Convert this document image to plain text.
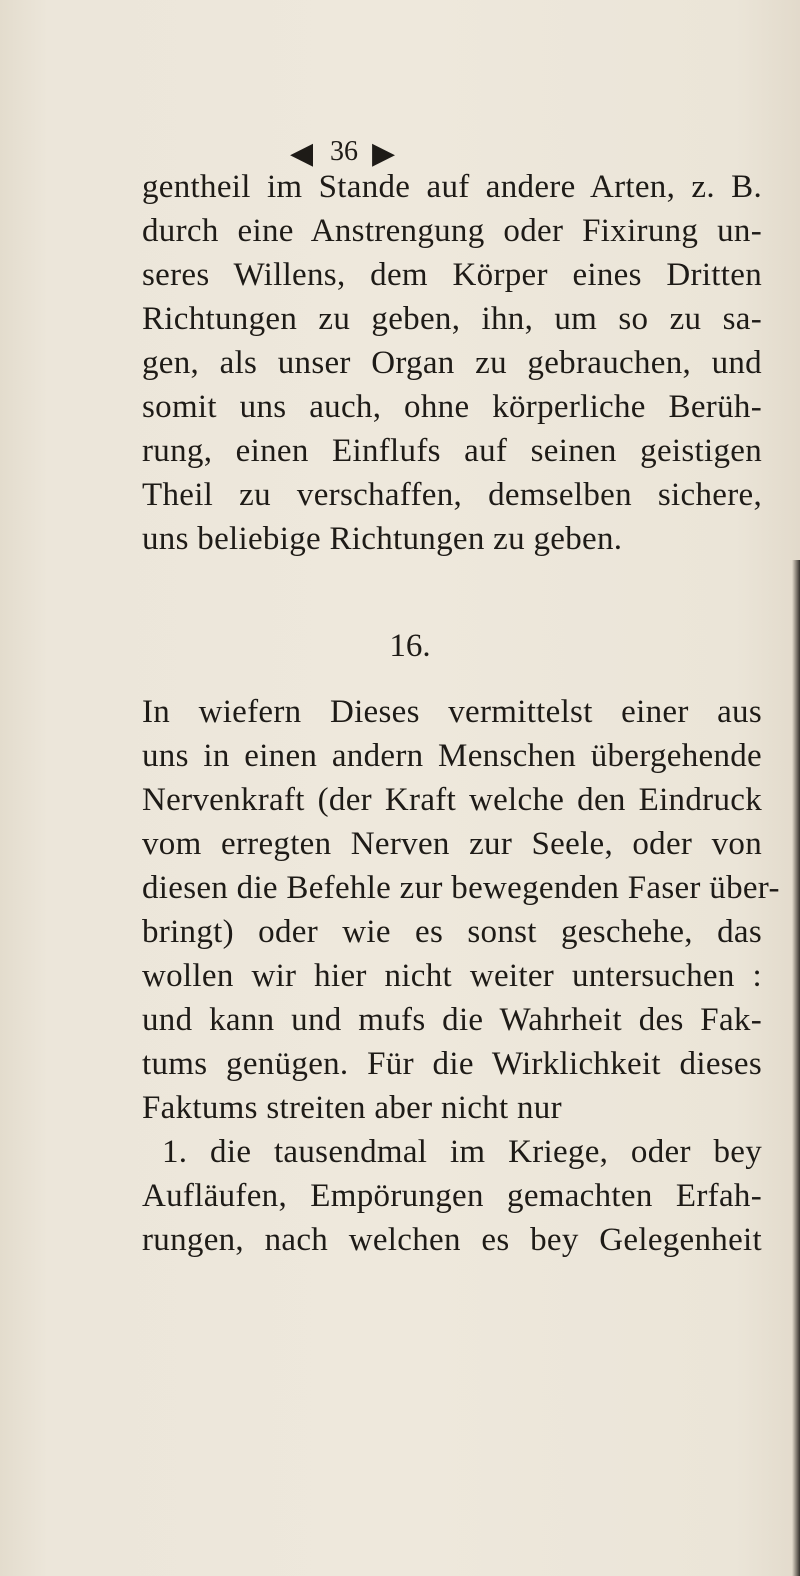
◀ 36 ▶
gentheil im Stande auf andere Arten, z. B.
durch eine Anstrengung oder Fixirung un-
seres Willens, dem Körper eines Dritten
Richtungen zu geben, ihn, um so zu sa-
gen, als unser Organ zu gebrauchen, und
somit uns auch, ohne körperliche Berüh-
rung, einen Einflufs auf seinen geistigen
Theil zu verschaffen, demselben sichere,
uns beliebige Richtungen zu geben.
16.
In wiefern Dieses vermittelst einer aus
uns in einen andern Menschen übergehende
Nervenkraft (der Kraft welche den Eindruck
vom erregten Nerven zur Seele, oder von
diesen die Befehle zur bewegenden Faser über-
bringt) oder wie es sonst geschehe, das
wollen wir hier nicht weiter untersuchen :
und kann und mufs die Wahrheit des Fak-
tums genügen. Für die Wirklichkeit dieses
Faktums streiten aber nicht nur
1. die tausendmal im Kriege, oder bey
Aufläufen, Empörungen gemachten Erfah-
rungen, nach welchen es bey Gelegenheit
